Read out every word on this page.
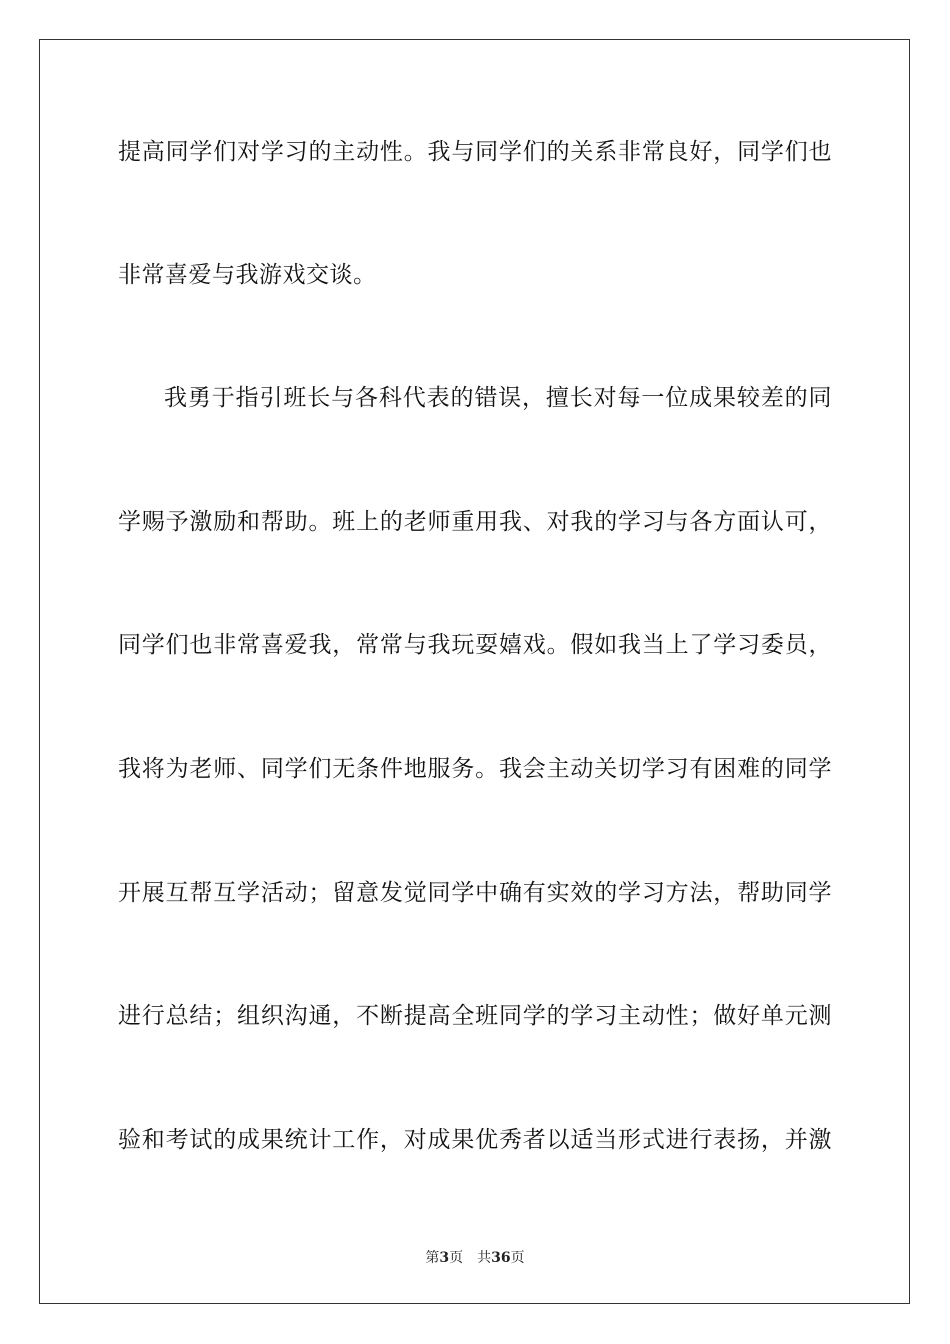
提高同学们对学习的主动性。我与同学们的关系非常良好，同学们也
非常喜爱与我游戏交谈。
我勇于指引班长与各科代表的错误，擅长对每一位成果较差的同
学赐予激励和帮助。班上的老师重用我、对我的学习与各方面认可，
同学们也非常喜爱我，常常与我玩耍嬉戏。假如我当上了学习委员，
我将为老师、同学们无条件地服务。我会主动关切学习有困难的同学
开展互帮互学活动；留意发觉同学中确有实效的学习方法，帮助同学
进行总结；组织沟通，不断提高全班同学的学习主动性；做好单元测
验和考试的成果统计工作，对成果优秀者以适当形式进行表扬，并激
第3页 共36页
